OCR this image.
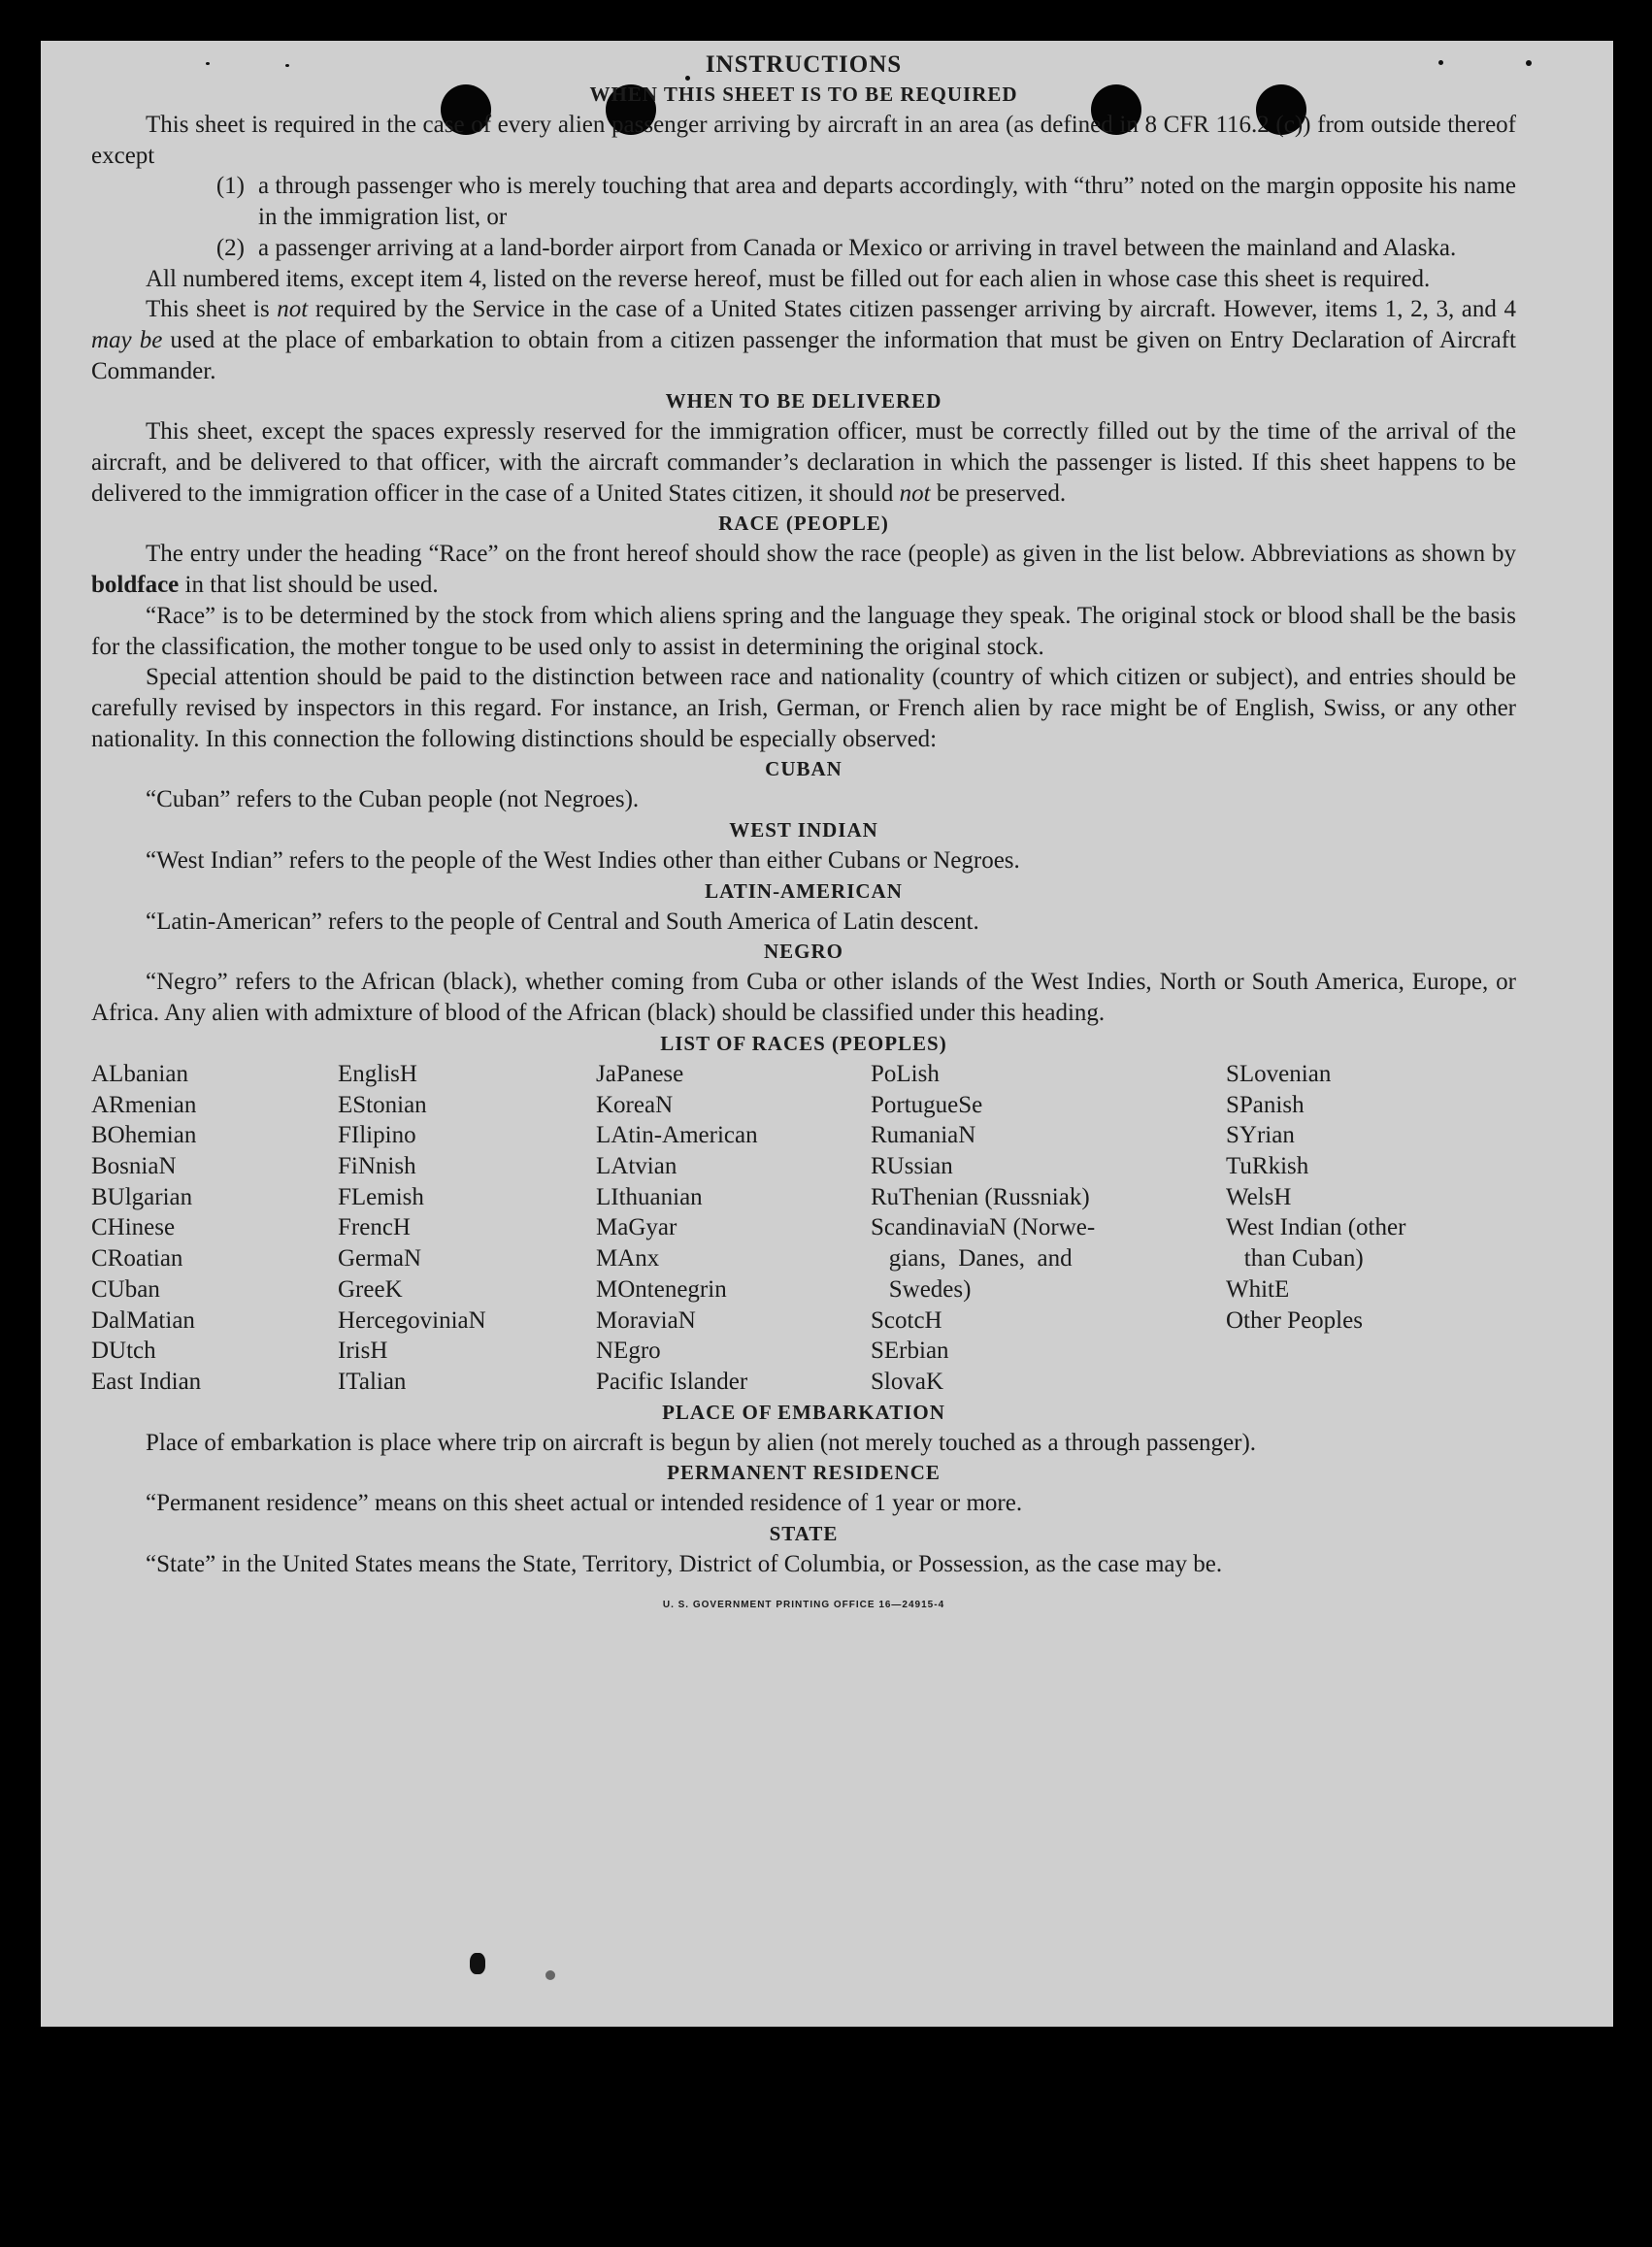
INSTRUCTIONS
WHEN THIS SHEET IS TO BE REQUIRED
This sheet is required in the case of every alien passenger arriving by aircraft in an area (as defined in 8 CFR 116.2 (c)) from outside thereof except
(1) a through passenger who is merely touching that area and departs accordingly, with “thru” noted on the margin opposite his name in the immigration list, or
(2) a passenger arriving at a land-border airport from Canada or Mexico or arriving in travel between the mainland and Alaska.
All numbered items, except item 4, listed on the reverse hereof, must be filled out for each alien in whose case this sheet is required.
This sheet is not required by the Service in the case of a United States citizen passenger arriving by aircraft. However, items 1, 2, 3, and 4 may be used at the place of embarkation to obtain from a citizen passenger the information that must be given on Entry Declaration of Aircraft Commander.
WHEN TO BE DELIVERED
This sheet, except the spaces expressly reserved for the immigration officer, must be correctly filled out by the time of the arrival of the aircraft, and be delivered to that officer, with the aircraft commander’s declaration in which the passenger is listed. If this sheet happens to be delivered to the immigration officer in the case of a United States citizen, it should not be preserved.
RACE (PEOPLE)
The entry under the heading “Race” on the front hereof should show the race (people) as given in the list below. Abbreviations as shown by boldface in that list should be used.
“Race” is to be determined by the stock from which aliens spring and the language they speak. The original stock or blood shall be the basis for the classification, the mother tongue to be used only to assist in determining the original stock.
Special attention should be paid to the distinction between race and nationality (country of which citizen or subject), and entries should be carefully revised by inspectors in this regard. For instance, an Irish, German, or French alien by race might be of English, Swiss, or any other nationality. In this connection the following distinctions should be especially observed:
CUBAN
“Cuban” refers to the Cuban people (not Negroes).
WEST INDIAN
“West Indian” refers to the people of the West Indies other than either Cubans or Negroes.
LATIN-AMERICAN
“Latin-American” refers to the people of Central and South America of Latin descent.
NEGRO
“Negro” refers to the African (black), whether coming from Cuba or other islands of the West Indies, North or South America, Europe, or Africa. Any alien with admixture of blood of the African (black) should be classified under this heading.
LIST OF RACES (PEOPLES)
ALbanian
ARmenian
BOhemian
BosniaN
BUlgarian
CHinese
CRoatian
CUban
DalMatian
DUtch
East Indian
EnglisH
EStonian
FIlipino
FiNnish
FLemish
FrencH
GermaN
GreeK
HercegoviniaN
IrisH
ITalian
JaPanese
KoreaN
LAtin-American
LAtvian
LIthuanian
MaGyar
MAnx
MOntenegrin
MoraviaN
NEgro
Pacific Islander
PoLish
PortugueSe
RumaniaN
RUssian
RuThenian (Russniak)
ScandinaviaN (Norwe-
gians,  Danes,  and
Swedes)
ScotcH
SErbian
SlovaK
SLovenian
SPanish
SYrian
TuRkish
WelsH
West Indian (other
than Cuban)
WhitE
Other Peoples
PLACE OF EMBARKATION
Place of embarkation is place where trip on aircraft is begun by alien (not merely touched as a through passenger).
PERMANENT RESIDENCE
“Permanent residence” means on this sheet actual or intended residence of 1 year or more.
STATE
“State” in the United States means the State, Territory, District of Columbia, or Possession, as the case may be.
U. S. GOVERNMENT PRINTING OFFICE 16—24915-4
